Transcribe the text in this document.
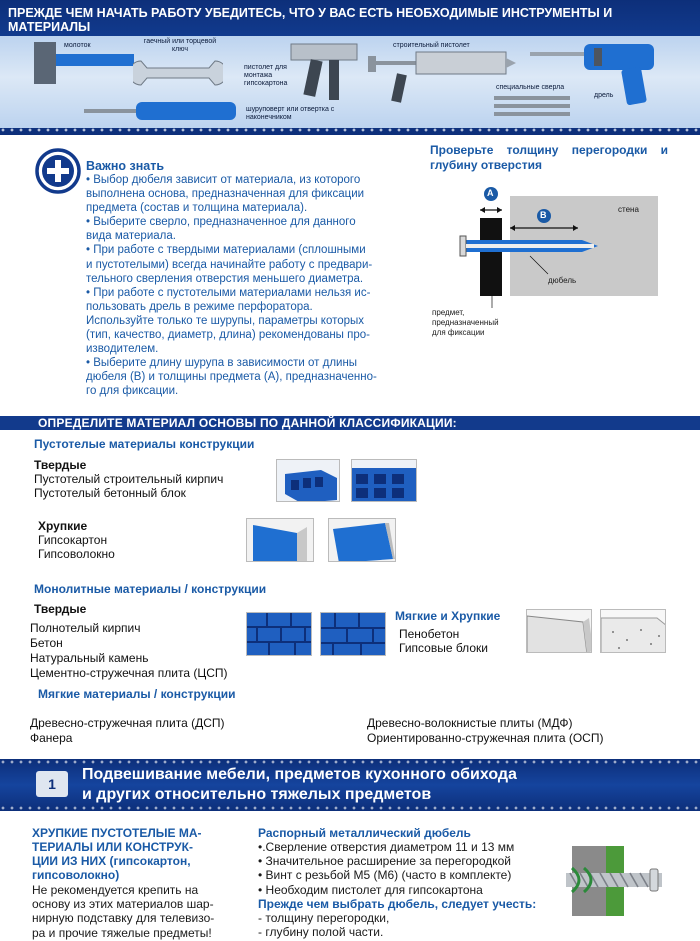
ПРЕЖДЕ ЧЕМ НАЧАТЬ РАБОТУ УБЕДИТЕСЬ, ЧТО У ВАС ЕСТЬ НЕОБХОДИМЫЕ ИНСТРУМЕНТЫ И
МАТЕРИАЛЫ
молоток
гаечный или торцевой ключ
пистолет для монтажа гипсокартона
строительный пистолет
специальные сверла
дрель
шуруповерт или отвертка с наконечником
Важно знать
• Выбор дюбеля зависит от материала, из которого
выполнена основа, предназначенная для фиксации
предмета (состав и толщина материала).
• Выберите сверло, предназначенное для данного
вида материала.
• При работе с твердыми материалами (сплошными
и пустотелыми) всегда начинайте работу с предвари-
тельного сверления отверстия меньшего диаметра.
• При работе с пустотелыми материалами нельзя ис-
пользовать дрель в режиме перфоратора.
Используйте только те шурупы, параметры которых
(тип, качество, диаметр, длина) рекомендованы про-
изводителем.
• Выберите длину шурупа в зависимости от длины
дюбеля (В) и толщины предмета (А), предназначенно-
го для фиксации.
Проверьте толщину перегородки и
глубину отверстия
A
B
стена
дюбель
предмет,
предназначенный
для фиксации
ОПРЕДЕЛИТЕ МАТЕРИАЛ ОСНОВЫ ПО ДАННОЙ КЛАССИФИКАЦИИ:
Пустотелые материалы конструкции
Твердые
Пустотелый строительный кирпич
Пустотелый бетонный блок
Хрупкие
Гипсокартон
Гипсоволокно
Монолитные материалы / конструкции
Твердые
Полнотелый кирпич
Бетон
Натуральный камень
Цементно-стружечная плита (ЦСП)
Мягкие и Хрупкие
Пенобетон
Гипсовые блоки
Мягкие материалы / конструкции
Древесно-стружечная плита (ДСП)
Фанера
Древесно-волокнистые плиты (МДФ)
Ориентированно-стружечная плита (ОСП)
1
Подвешивание мебели, предметов кухонного обихода
и других относительно тяжелых предметов
ХРУПКИЕ ПУСТОТЕЛЫЕ МА-
ТЕРИАЛЫ ИЛИ КОНСТРУК-
ЦИИ ИЗ НИХ (гипсокартон,
гипсоволокно)
Не рекомендуется крепить на
основу из этих материалов шар-
нирную подставку для телевизо-
ра и прочие тяжелые предметы!
Распорный металлический дюбель
•.Сверление отверстия диаметром 11 и 13 мм
• Значительное расширение за перегородкой
• Винт с резьбой M5 (M6) (часто в комплекте)
• Необходим пистолет для гипсокартона
Прежде чем выбрать дюбель, следует учесть:
- толщину перегородки,
- глубину полой части.
